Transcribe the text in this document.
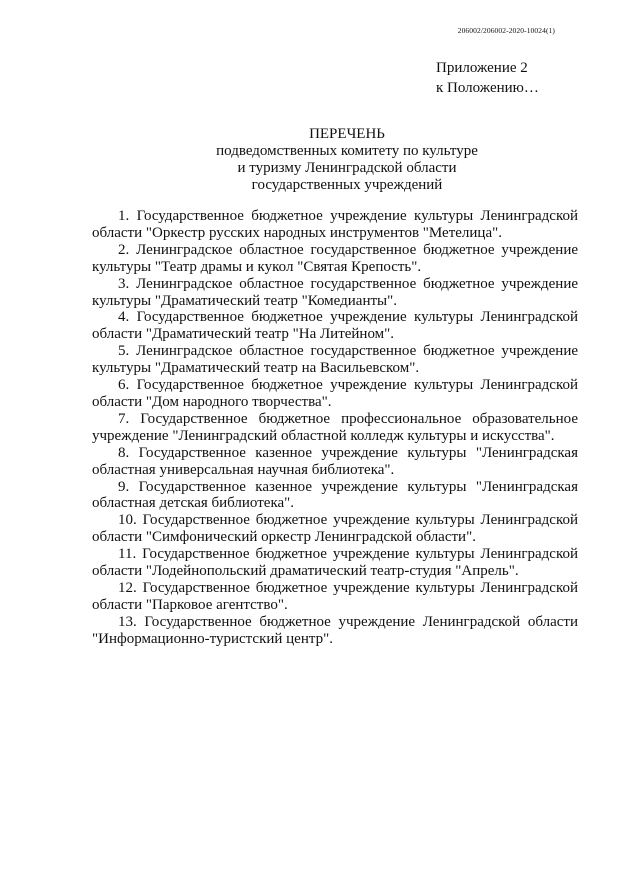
206002/206002-2020-10024(1)
Приложение 2
к Положению…
ПЕРЕЧЕНЬ
подведомственных комитету по культуре
и туризму Ленинградской области
государственных учреждений
1. Государственное бюджетное учреждение культуры Ленинградской области "Оркестр русских народных инструментов "Метелица".
2. Ленинградское областное государственное бюджетное учреждение культуры "Театр драмы и кукол "Святая Крепость".
3. Ленинградское областное государственное бюджетное учреждение культуры "Драматический театр "Комедианты".
4. Государственное бюджетное учреждение культуры Ленинградской области "Драматический театр "На Литейном".
5. Ленинградское областное государственное бюджетное учреждение культуры "Драматический театр на Васильевском".
6. Государственное бюджетное учреждение культуры Ленинградской области "Дом народного творчества".
7. Государственное бюджетное профессиональное образовательное учреждение "Ленинградский областной колледж культуры и искусства".
8. Государственное казенное учреждение культуры "Ленинградская областная универсальная научная библиотека".
9. Государственное казенное учреждение культуры "Ленинградская областная детская библиотека".
10. Государственное бюджетное учреждение культуры Ленинградской области "Симфонический оркестр Ленинградской области".
11. Государственное бюджетное учреждение культуры Ленинградской области "Лодейнопольский драматический театр-студия "Апрель".
12. Государственное бюджетное учреждение культуры Ленинградской области "Парковое агентство".
13. Государственное бюджетное учреждение Ленинградской области "Информационно-туристский центр".
